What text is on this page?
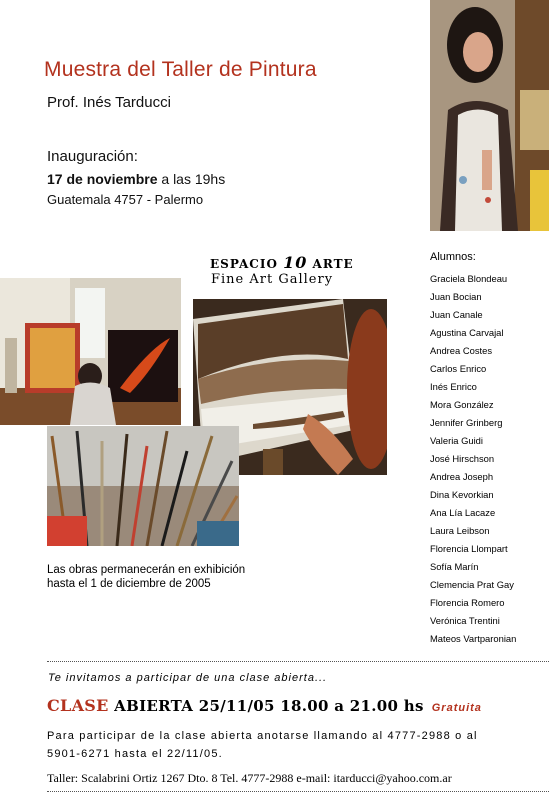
Muestra del Taller de Pintura
Prof. Inés Tarducci
Inauguración:
17 de noviembre a las 19hs
Guatemala 4757 - Palermo
ESPACIO 10 ARTE
Fine Art Gallery
Alumnos:
Graciela Blondeau
Juan Bocian
Juan Canale
Agustina Carvajal
Andrea Costes
Carlos Enrico
Inés Enrico
Mora González
Jennifer Grinberg
Valeria Guidi
José Hirschson
Andrea Joseph
Dina Kevorkian
Ana Lía Lacaze
Laura Leibson
Florencia Llompart
Sofía Marín
Clemencia Prat Gay
Florencia Romero
Verónica Trentini
Mateos Vartparonian
Las obras permanecerán en exhibición
hasta el 1 de diciembre de 2005
Te invitamos a participar de una clase abierta...
CLASE ABIERTA 25/11/05 18.00 a 21.00 hs Gratuita
Para participar de la clase abierta anotarse llamando al 4777-2988 o al
5901-6271 hasta el 22/11/05.
Taller: Scalabrini Ortiz 1267 Dto. 8 Tel. 4777-2988 e-mail: itarducci@yahoo.com.ar
